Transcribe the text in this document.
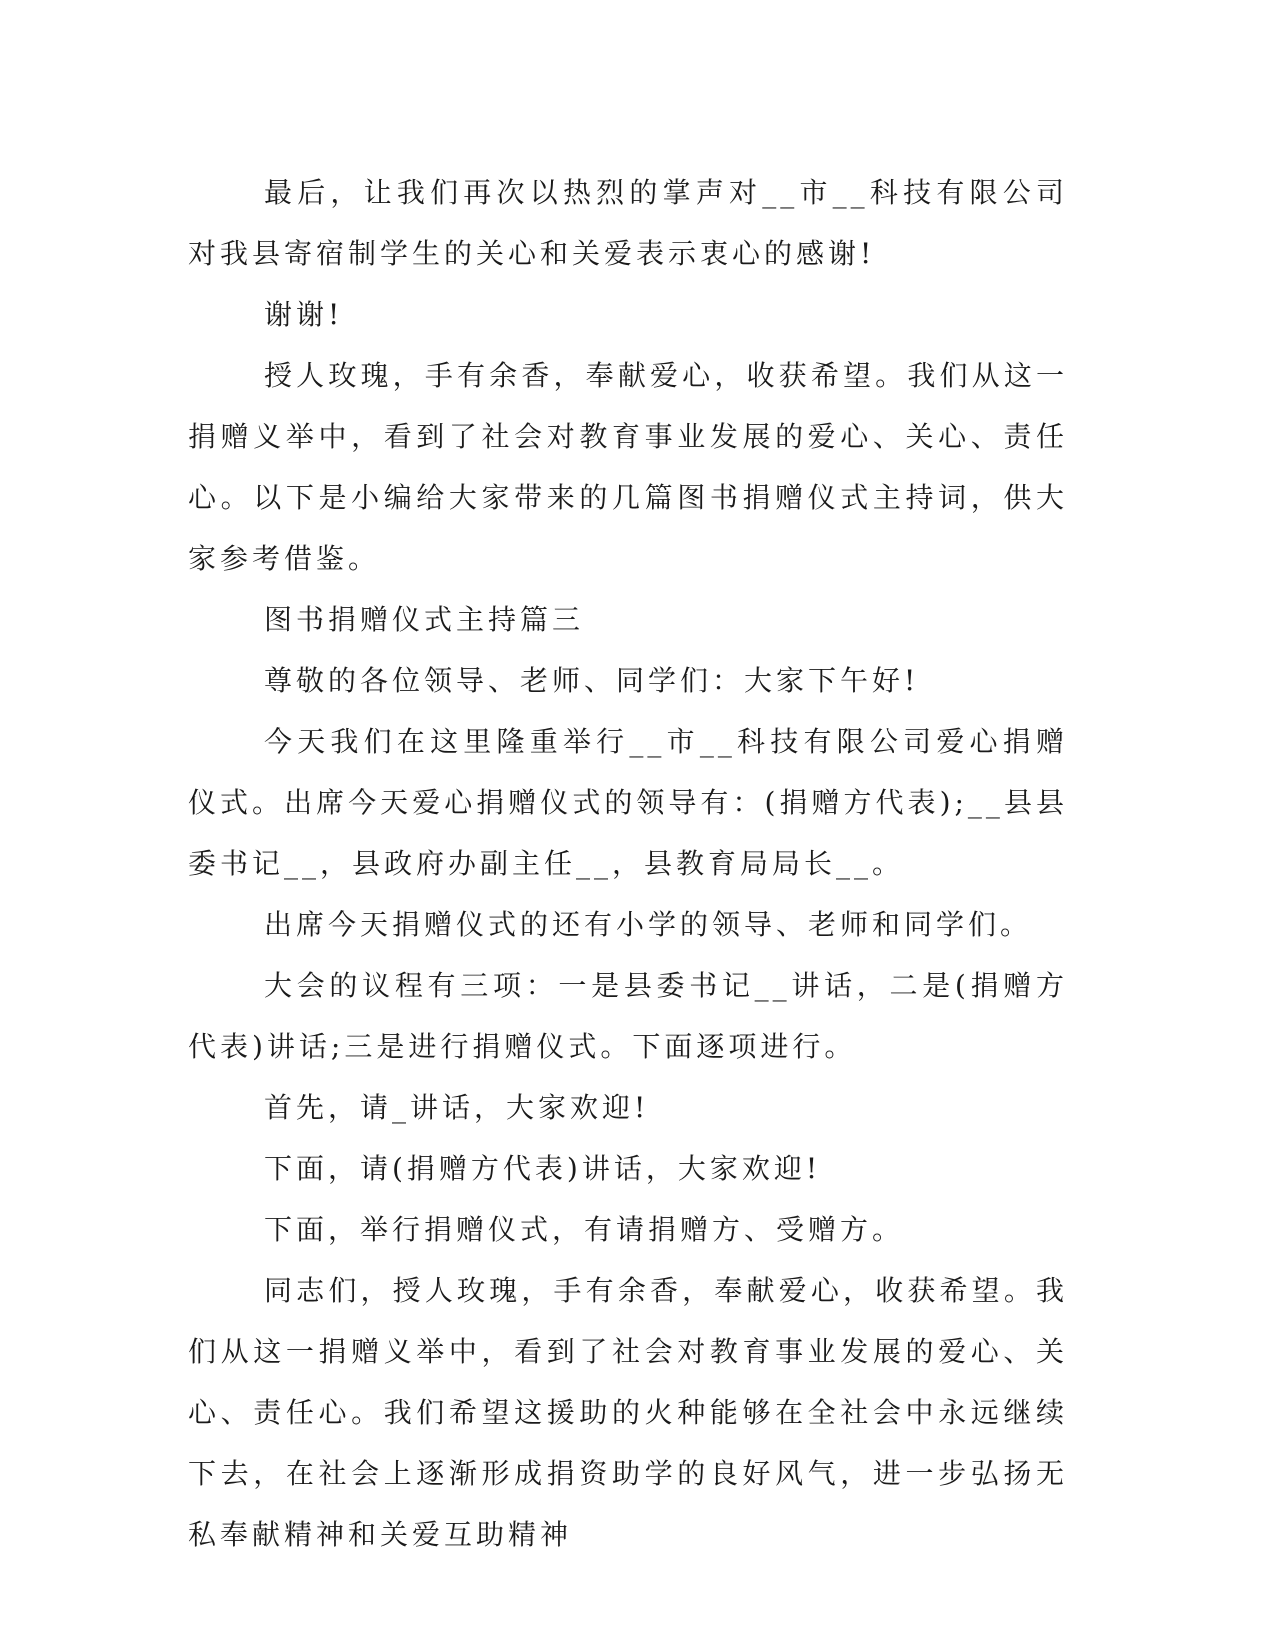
最后，让我们再次以热烈的掌声对__市__科技有限公司对我县寄宿制学生的关心和关爱表示衷心的感谢!

谢谢!

授人玫瑰，手有余香，奉献爱心，收获希望。我们从这一捐赠义举中，看到了社会对教育事业发展的爱心、关心、责任心。以下是小编给大家带来的几篇图书捐赠仪式主持词，供大家参考借鉴。

图书捐赠仪式主持篇三

尊敬的各位领导、老师、同学们：大家下午好!

今天我们在这里隆重举行__市__科技有限公司爱心捐赠仪式。出席今天爱心捐赠仪式的领导有：(捐赠方代表);__县县委书记__，县政府办副主任__，县教育局局长__。

出席今天捐赠仪式的还有小学的领导、老师和同学们。

大会的议程有三项：一是县委书记__讲话，二是(捐赠方代表)讲话;三是进行捐赠仪式。下面逐项进行。

首先，请_讲话，大家欢迎!

下面，请(捐赠方代表)讲话，大家欢迎!

下面，举行捐赠仪式，有请捐赠方、受赠方。

同志们，授人玫瑰，手有余香，奉献爱心，收获希望。我们从这一捐赠义举中，看到了社会对教育事业发展的爱心、关心、责任心。我们希望这援助的火种能够在全社会中永远继续下去，在社会上逐渐形成捐资助学的良好风气，进一步弘扬无私奉献精神和关爱互助精神
